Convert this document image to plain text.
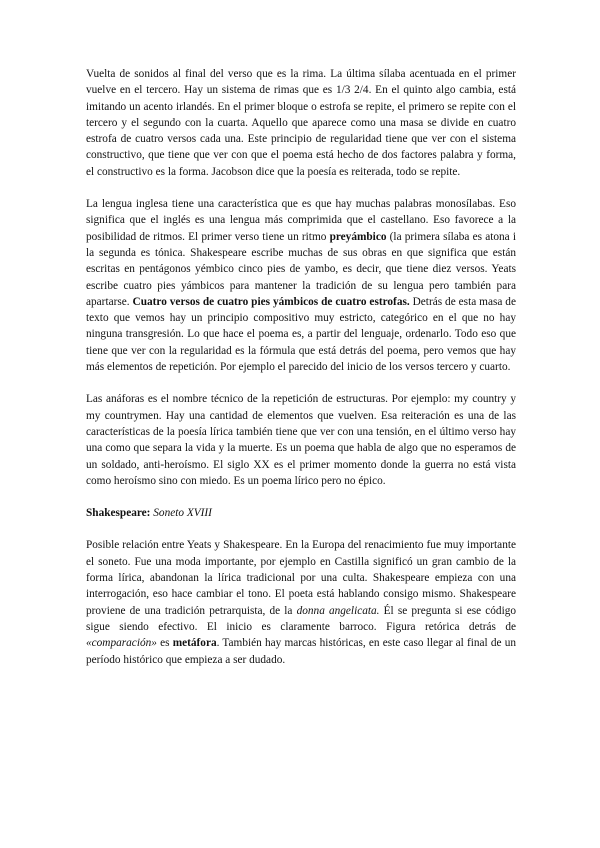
Vuelta de sonidos al final del verso que es la rima. La última sílaba acentuada en el primer vuelve en el tercero. Hay un sistema de rimas que es 1/3 2/4. En el quinto algo cambia, está imitando un acento irlandés. En el primer bloque o estrofa se repite, el primero se repite con el tercero y el segundo con la cuarta. Aquello que aparece como una masa se divide en cuatro estrofa de cuatro versos cada una. Este principio de regularidad tiene que ver con el sistema constructivo, que tiene que ver con que el poema está hecho de dos factores palabra y forma, el constructivo es la forma. Jacobson dice que la poesía es reiterada, todo se repite.

La lengua inglesa tiene una característica que es que hay muchas palabras monosílabas. Eso significa que el inglés es una lengua más comprimida que el castellano. Eso favorece a la posibilidad de ritmos. El primer verso tiene un ritmo preyámbico (la primera sílaba es atona i la segunda es tónica. Shakespeare escribe muchas de sus obras en que significa que están escritas en pentágonos yémbico cinco pies de yambo, es decir, que tiene diez versos. Yeats escribe cuatro pies yámbicos para mantener la tradición de su lengua pero también para apartarse. Cuatro versos de cuatro pies yámbicos de cuatro estrofas. Detrás de esta masa de texto que vemos hay un principio compositivo muy estricto, categórico en el que no hay ninguna transgresión. Lo que hace el poema es, a partir del lenguaje, ordenarlo. Todo eso que tiene que ver con la regularidad es la fórmula que está detrás del poema, pero vemos que hay más elementos de repetición. Por ejemplo el parecido del inicio de los versos tercero y cuarto.

Las anáforas es el nombre técnico de la repetición de estructuras. Por ejemplo: my country y my countrymen. Hay una cantidad de elementos que vuelven. Esa reiteración es una de las características de la poesía lírica también tiene que ver con una tensión, en el último verso hay una como que separa la vida y la muerte. Es un poema que habla de algo que no esperamos de un soldado, anti-heroísmo. El siglo XX es el primer momento donde la guerra no está vista como heroísmo sino con miedo. Es un poema lírico pero no épico.

Shakespeare: Soneto XVIII

Posible relación entre Yeats y Shakespeare. En la Europa del renacimiento fue muy importante el soneto. Fue una moda importante, por ejemplo en Castilla significó un gran cambio de la forma lírica, abandonan la lírica tradicional por una culta. Shakespeare empieza con una interrogación, eso hace cambiar el tono. El poeta está hablando consigo mismo. Shakespeare proviene de una tradición petrarquista, de la donna angelicata. Él se pregunta si ese código sigue siendo efectivo. El inicio es claramente barroco. Figura retórica detrás de «comparación» es metáfora. También hay marcas históricas, en este caso llegar al final de un período histórico que empieza a ser dudado.
